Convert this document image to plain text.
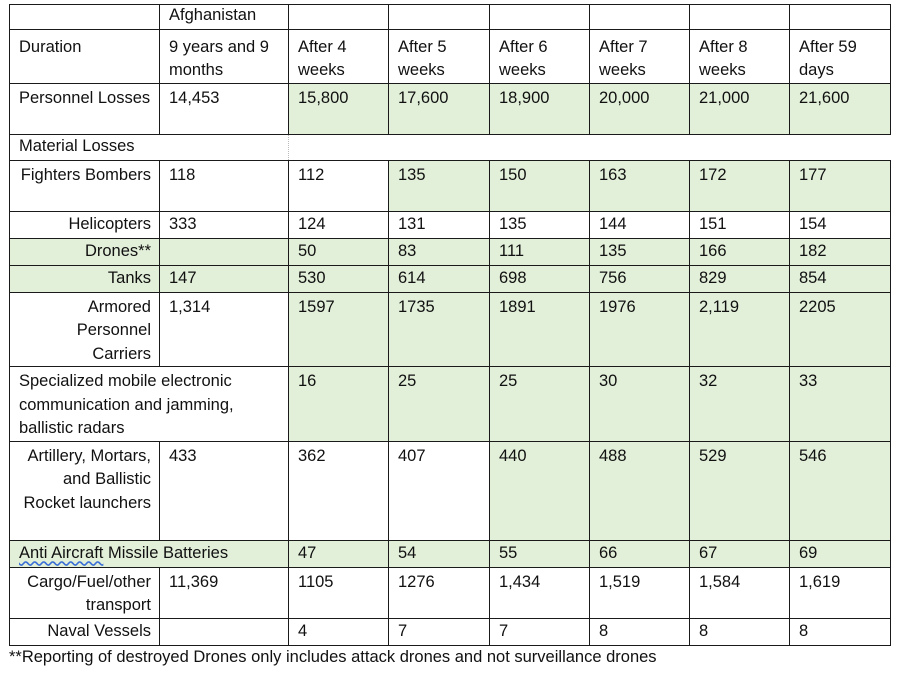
	Afghanistan						
Duration	9 years and 9 months	After 4 weeks	After 5 weeks	After 6 weeks	After 7 weeks	After 8 weeks	After 59 days
Personnel Losses	14,453	15,800	17,600	18,900	20,000	21,000	21,600
Material Losses							
Fighters Bombers	118	112	135	150	163	172	177
Helicopters	333	124	131	135	144	151	154
Drones**		50	83	111	135	166	182
Tanks	147	530	614	698	756	829	854
Armored Personnel Carriers	1,314	1597	1735	1891	1976	2,119	2205
Specialized mobile electronic communication and jamming, ballistic radars		16	25	25	30	32	33
Artillery, Mortars, and Ballistic Rocket launchers	433	362	407	440	488	529	546
Anti Aircraft Missile Batteries		47	54	55	66	67	69
Cargo/Fuel/other transport	11,369	1105	1276	1,434	1,519	1,584	1,619
Naval Vessels		4	7	7	8	8	8
**Reporting of destroyed Drones only includes attack drones and not surveillance drones
